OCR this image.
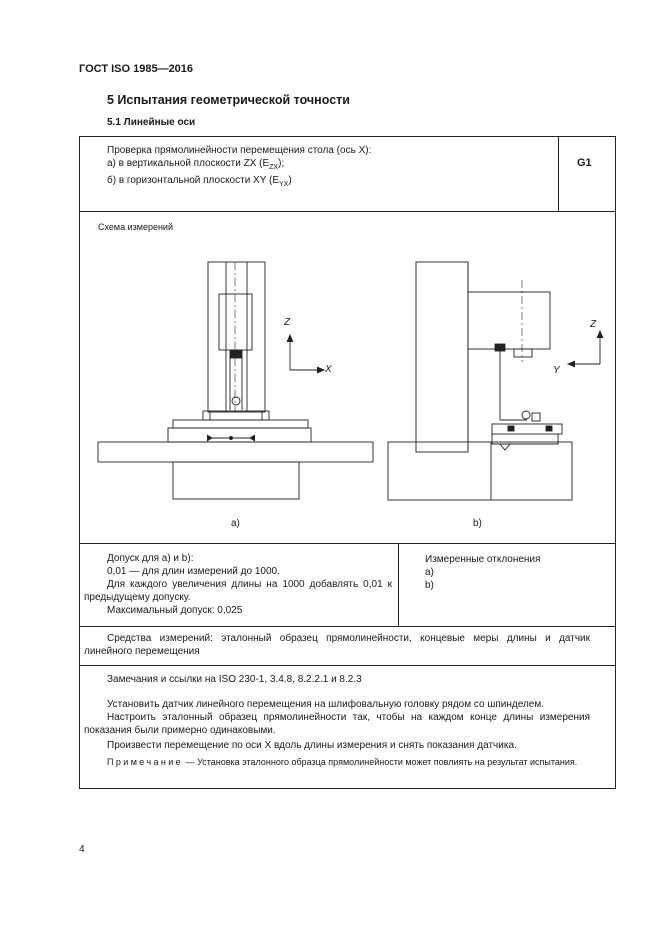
ГОСТ ISO 1985—2016
5 Испытания геометрической точности
5.1 Линейные оси
Проверка прямолинейности перемещения стола (ось X):
а) в вертикальной плоскости ZX $(E_{ZX})$;
б) в горизонтальной плоскости XY $(E_{YX})$
G1
Схема измерений
Z
X
Z
Y
а)	b)
Допуск для а) и b):
0,01 — для длин измерений до 1000.
Для каждого увеличения длины на 1000 добавлять 0,01 к предыдущему допуску.
Максимальный допуск: 0,025
Измеренные отклонения
а)
b)
Средства измерений: эталонный образец прямолинейности, концевые меры длины и датчик линейного перемещения
Замечания и ссылки на ISO 230-1, 3.4.8, 8.2.2.1 и 8.2.3
Установить датчик линейного перемещения на шлифовальную головку рядом со шпинделем.
Настроить эталонный образец прямолинейности так, чтобы на каждом конце длины измерения показания были примерно одинаковыми.
Произвести перемещение по оси X вдоль длины измерения и снять показания датчика.
Примечание — Установка эталонного образца прямолинейности может повлиять на результат испытания.
4
